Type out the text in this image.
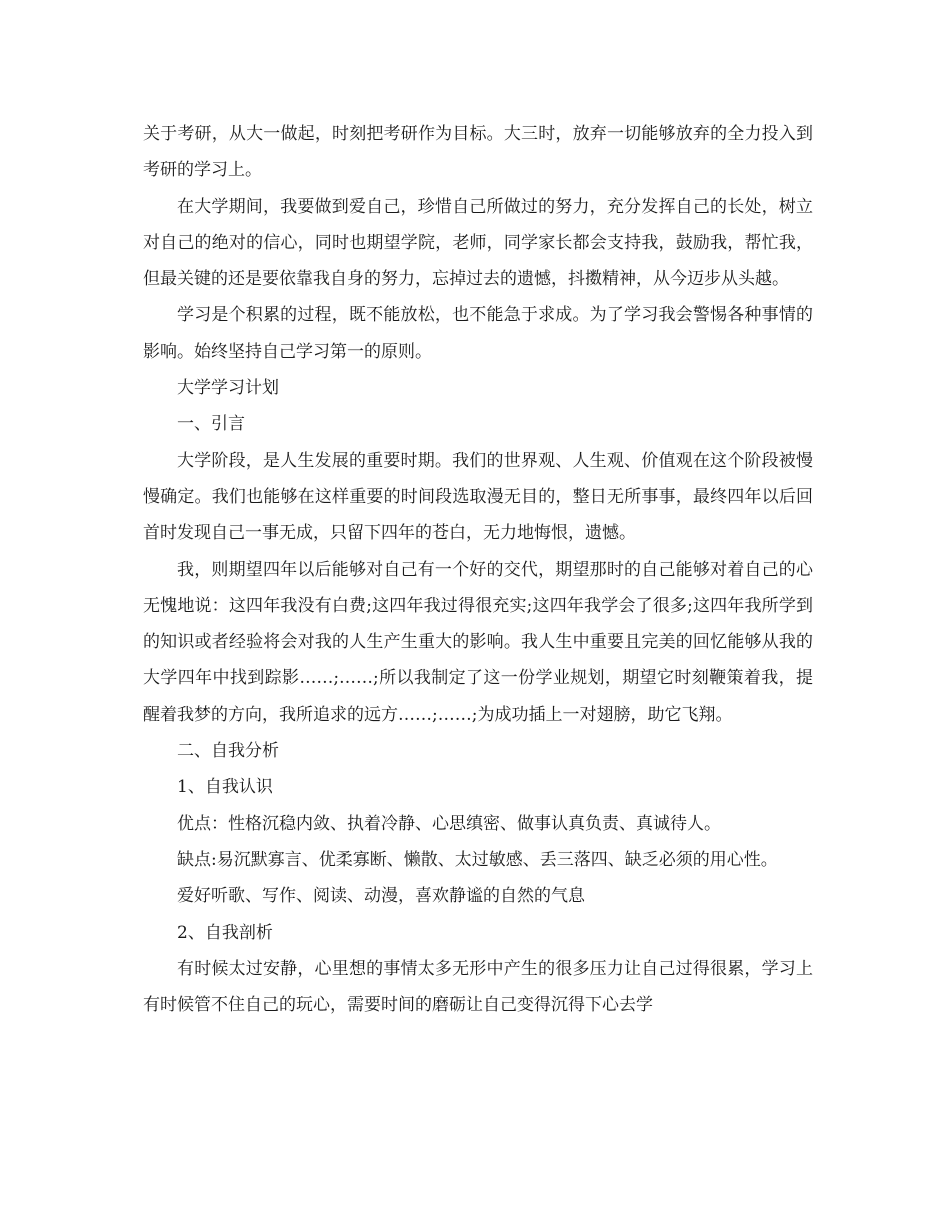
关于考研，从大一做起，时刻把考研作为目标。大三时，放弃一切能够放弃的全力投入到考研的学习上。

在大学期间，我要做到爱自己，珍惜自己所做过的努力，充分发挥自己的长处，树立对自己的绝对的信心，同时也期望学院，老师，同学家长都会支持我，鼓励我，帮忙我，但最关键的还是要依靠我自身的努力，忘掉过去的遗憾，抖擞精神，从今迈步从头越。

学习是个积累的过程，既不能放松，也不能急于求成。为了学习我会警惕各种事情的影响。始终坚持自己学习第一的原则。

大学学习计划

一、引言

大学阶段，是人生发展的重要时期。我们的世界观、人生观、价值观在这个阶段被慢慢确定。我们也能够在这样重要的时间段选取漫无目的，整日无所事事，最终四年以后回首时发现自己一事无成，只留下四年的苍白，无力地悔恨，遗憾。

我，则期望四年以后能够对自己有一个好的交代，期望那时的自己能够对着自己的心无愧地说：这四年我没有白费;这四年我过得很充实;这四年我学会了很多;这四年我所学到的知识或者经验将会对我的人生产生重大的影响。我人生中重要且完美的回忆能够从我的大学四年中找到踪影……;……;所以我制定了这一份学业规划，期望它时刻鞭策着我，提醒着我梦的方向，我所追求的远方……;……;为成功插上一对翅膀，助它飞翔。

二、自我分析

1、自我认识

优点：性格沉稳内敛、执着冷静、心思缜密、做事认真负责、真诚待人。

缺点:易沉默寡言、优柔寡断、懒散、太过敏感、丢三落四、缺乏必须的用心性。

爱好听歌、写作、阅读、动漫，喜欢静谧的自然的气息

2、自我剖析

有时候太过安静，心里想的事情太多无形中产生的很多压力让自己过得很累，学习上有时候管不住自己的玩心，需要时间的磨砺让自己变得沉得下心去学
